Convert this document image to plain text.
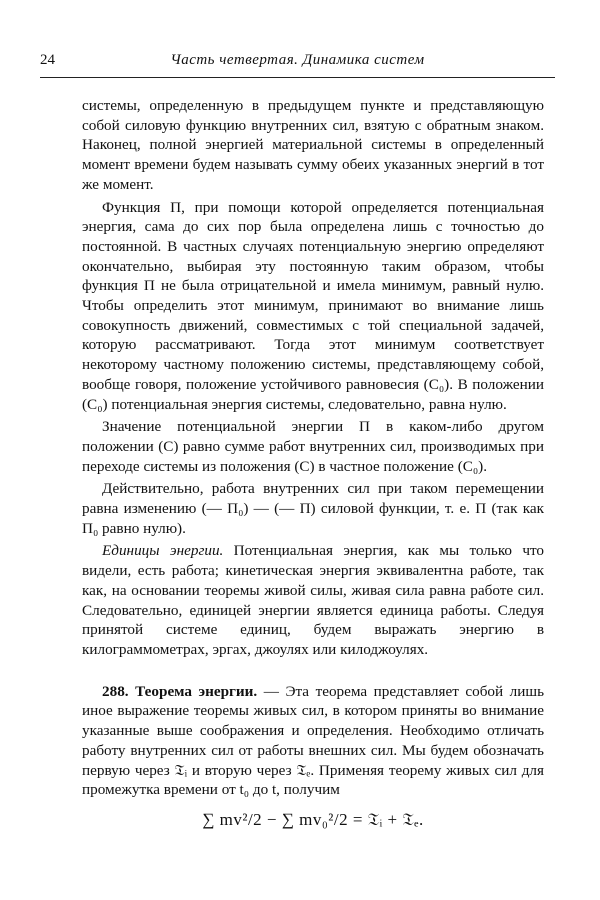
24	Часть четвертая. Динамика систем

системы, определенную в предыдущем пункте и представляющую собой силовую функцию внутренних сил, взятую с обратным знаком. Наконец, полной энергией материальной системы в определенный момент времени будем называть сумму обеих указанных энергий в тот же момент.

Функция П, при помощи которой определяется потенциальная энергия, сама до сих пор была определена лишь с точностью до постоянной. В частных случаях потенциальную энергию определяют окончательно, выбирая эту постоянную таким образом, чтобы функция П не была отрицательной и имела минимум, равный нулю. Чтобы определить этот минимум, принимают во внимание лишь совокупность движений, совместимых с той специальной задачей, которую рассматривают. Тогда этот минимум соответствует некоторому частному положению системы, представляющему собой, вообще говоря, положение устойчивого равновесия (C₀). В положении (C₀) потенциальная энергия системы, следовательно, равна нулю.

Значение потенциальной энергии П в каком-либо другом положении (C) равно сумме работ внутренних сил, производимых при переходе системы из положения (C) в частное положение (C₀).

Действительно, работа внутренних сил при таком перемещении равна изменению (— П₀) — (— П) силовой функции, т. е. П (так как П₀ равно нулю).

Единицы энергии. Потенциальная энергия, как мы только что видели, есть работа; кинетическая энергия эквивалентна работе, так как, на основании теоремы живой силы, живая сила равна работе сил. Следовательно, единицей энергии является единица работы. Следуя принятой системе единиц, будем выражать энергию в килограммометрах, эргах, джоулях или килоджоулях.

288. Теорема энергии. — Эта теорема представляет собой лишь иное выражение теоремы живых сил, в котором приняты во внимание указанные выше соображения и определения. Необходимо отличать работу внутренних сил от работы внешних сил. Мы будем обозначать первую через 𝔗ᵢ и вторую через 𝔗ₑ. Применяя теорему живых сил для промежутка времени от t₀ до t, получим

∑ mv²/2 − ∑ mv₀²/2 = 𝔗ᵢ + 𝔗ₑ.
